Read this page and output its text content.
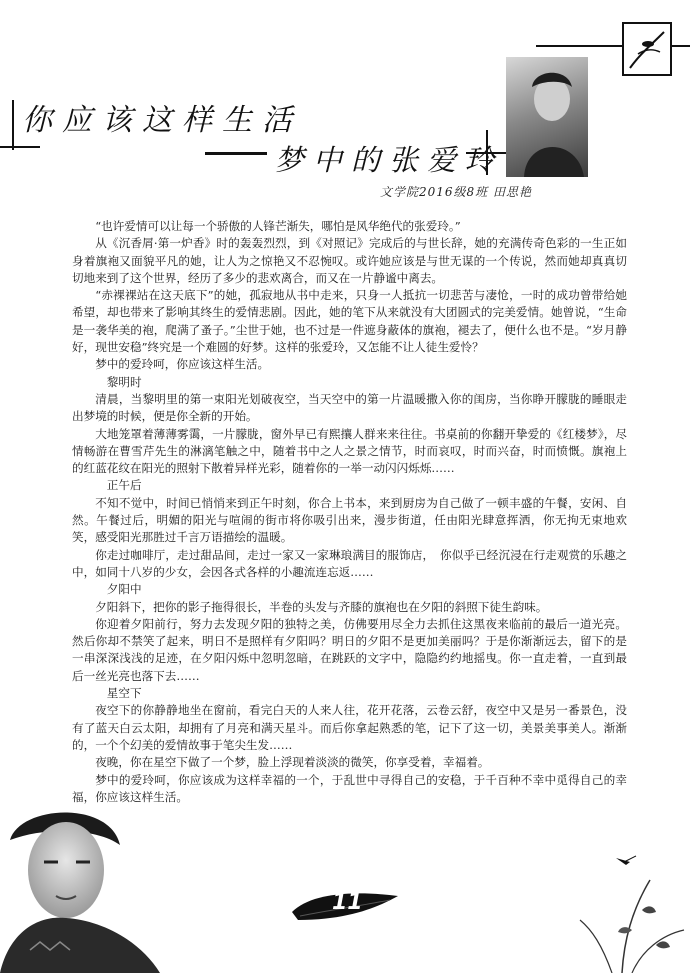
你应该这样生活
梦中的张爱玲
文学院2016级8班 田思艳

“也许爱情可以让每一个骄傲的人锋芒渐失，哪怕是风华绝代的张爱玲。”

从《沉香屑·第一炉香》时的轰轰烈烈，到《对照记》完成后的与世长辞，她的充满传奇色彩的一生正如身着旗袍又面貌平凡的她，让人为之惊艳又不忍惋叹。或许她应该是与世无谋的一个传说，然而她却真真切切地来到了这个世界，经历了多少的悲欢离合，而又在一片静谧中离去。

“赤裸裸站在这天底下”的她，孤寂地从书中走来，只身一人抵抗一切悲苦与凄怆，一时的成功曾带给她希望，却也带来了影响其终生的爱情悲剧。因此，她的笔下从来就没有大团圆式的完美爱情。她曾说，“生命是一袭华美的袍，爬满了蚤子。”尘世于她，也不过是一件遮身蔽体的旗袍，褪去了，便什么也不是。“岁月静好，现世安稳”终究是一个难圆的好梦。这样的张爱玲，又怎能不让人徒生爱怜？

梦中的爱玲呵，你应该这样生活。

黎明时

清晨，当黎明里的第一束阳光划破夜空，当天空中的第一片温暖撒入你的闺房，当你睁开朦胧的睡眼走出梦境的时候，便是你全新的开始。

大地笼罩着薄薄雾霭，一片朦胧，窗外早已有熙攘人群来来往往。书桌前的你翻开挚爱的《红楼梦》，尽情畅游在曹雪芹先生的淋漓笔触之中，随着书中之人之景之情节，时而哀叹，时而兴奋，时而愤慨。旗袍上的红蓝花纹在阳光的照射下散着异样光彩，随着你的一举一动闪闪烁烁……

正午后

不知不觉中，时间已悄悄来到正午时刻，你合上书本，来到厨房为自己做了一顿丰盛的午餐，安闲、自然。午餐过后，明媚的阳光与喧闹的街市将你吸引出来，漫步街道，任由阳光肆意挥洒，你无拘无束地欢笑，感受阳光那胜过千言万语描绘的温暖。

你走过咖啡厅，走过甜品间，走过一家又一家琳琅满目的服饰店，　你似乎已经沉浸在行走观赏的乐趣之中，如同十八岁的少女，会因各式各样的小趣流连忘返……

夕阳中

夕阳斜下，把你的影子拖得很长，半卷的头发与齐膝的旗袍也在夕阳的斜照下徒生韵味。

你迎着夕阳前行，努力去发现夕阳的独特之美，仿佛要用尽全力去抓住这黑夜来临前的最后一道光亮。然后你却不禁笑了起来，明日不是照样有夕阳吗？明日的夕阳不是更加美丽吗？于是你渐渐远去，留下的是一串深深浅浅的足迹，在夕阳闪烁中忽明忽暗，在跳跃的文字中，隐隐约约地摇曳。你一直走着，一直到最后一丝光亮也落下去……

星空下

夜空下的你静静地坐在窗前，看完白天的人来人往，花开花落，云卷云舒，夜空中又是另一番景色，没有了蓝天白云太阳，却拥有了月亮和满天星斗。而后你拿起熟悉的笔，记下了这一切，美景美事美人。渐渐的，一个个幻美的爱情故事于笔尖生发……

夜晚，你在星空下做了一个梦，脸上浮现着淡淡的微笑，你享受着，幸福着。

梦中的爱玲呵，你应该成为这样幸福的一个，于乱世中寻得自己的安稳，于千百种不幸中觅得自己的幸福，你应该这样生活。

11
